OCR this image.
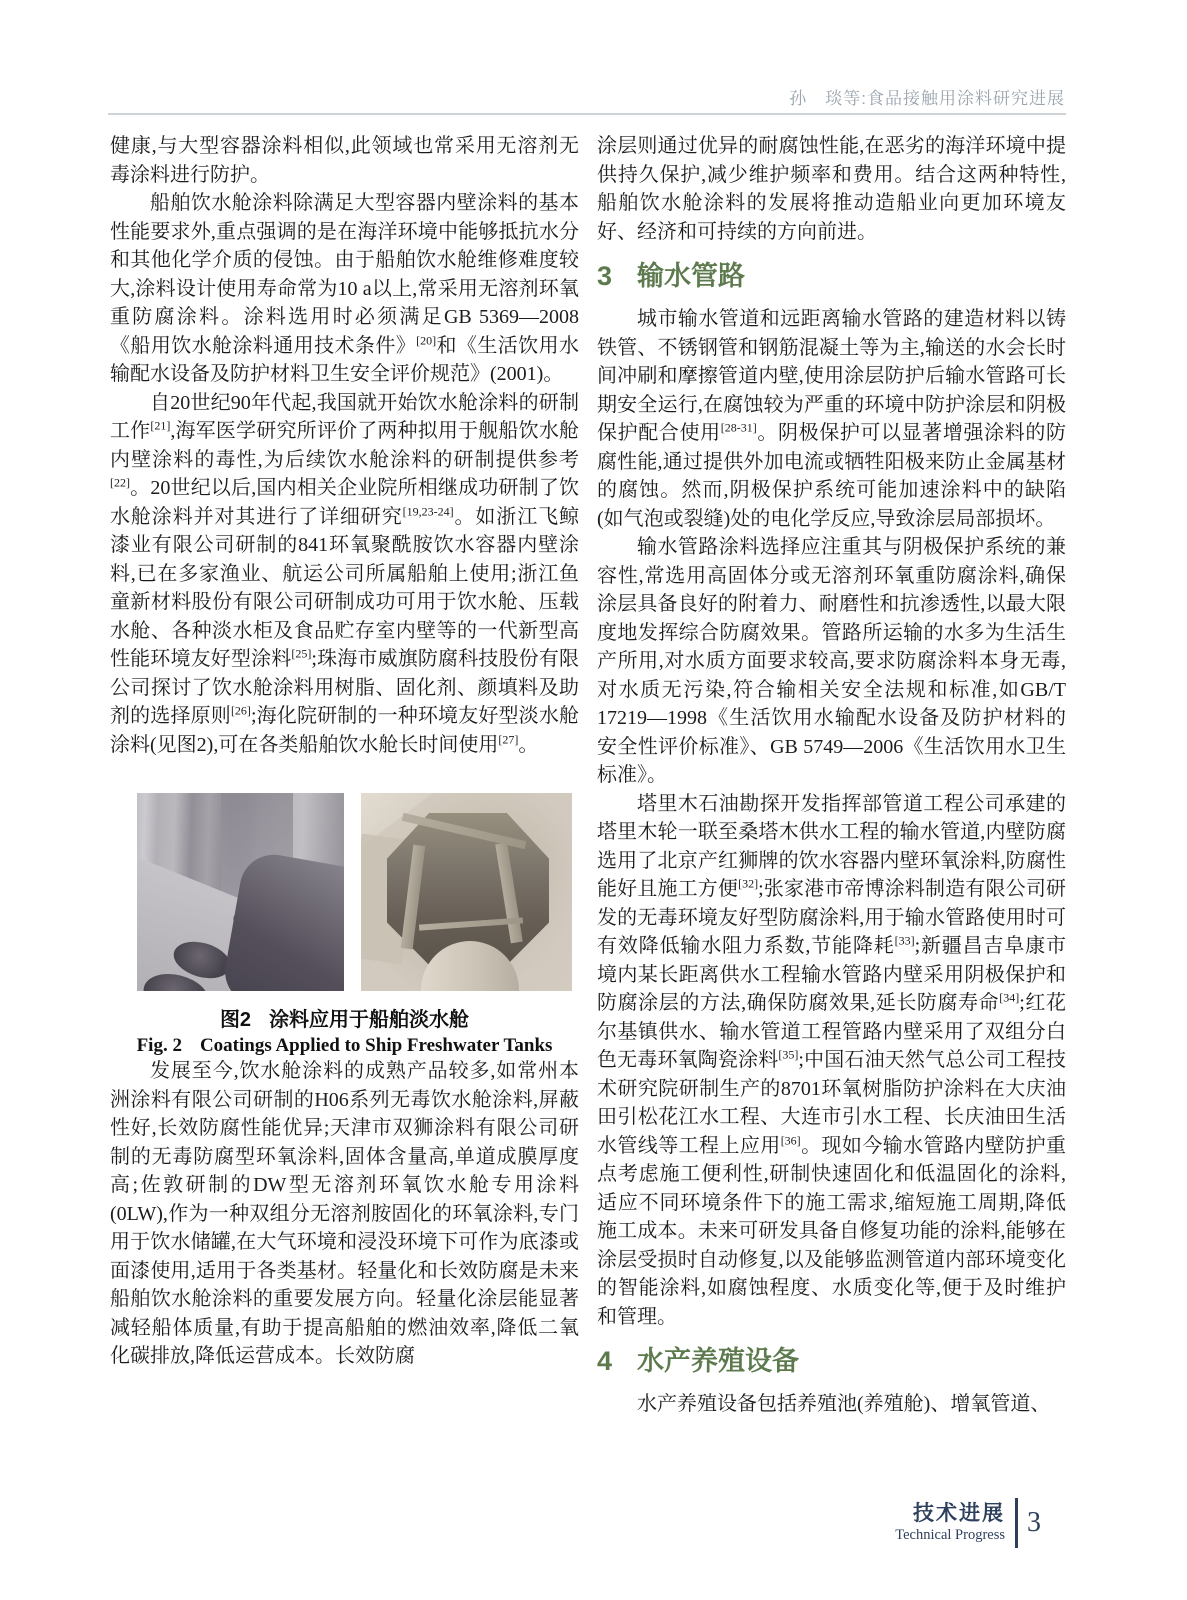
孙　琰等:食品接触用涂料研究进展

健康,与大型容器涂料相似,此领域也常采用无溶剂无毒涂料进行防护。

船舶饮水舱涂料除满足大型容器内壁涂料的基本性能要求外,重点强调的是在海洋环境中能够抵抗水分和其他化学介质的侵蚀。由于船舶饮水舱维修难度较大,涂料设计使用寿命常为10 a以上,常采用无溶剂环氧重防腐涂料。涂料选用时必须满足GB 5369—2008《船用饮水舱涂料通用技术条件》[20]和《生活饮用水输配水设备及防护材料卫生安全评价规范》(2001)。

自20世纪90年代起,我国就开始饮水舱涂料的研制工作[21],海军医学研究所评价了两种拟用于舰船饮水舱内壁涂料的毒性,为后续饮水舱涂料的研制提供参考[22]。20世纪以后,国内相关企业院所相继成功研制了饮水舱涂料并对其进行了详细研究[19,23-24]。如浙江飞鲸漆业有限公司研制的841环氧聚酰胺饮水容器内壁涂料,已在多家渔业、航运公司所属船舶上使用;浙江鱼童新材料股份有限公司研制成功可用于饮水舱、压载水舱、各种淡水柜及食品贮存室内壁等的一代新型高性能环境友好型涂料[25];珠海市威旗防腐科技股份有限公司探讨了饮水舱涂料用树脂、固化剂、颜填料及助剂的选择原则[26];海化院研制的一种环境友好型淡水舱涂料(见图2),可在各类船舶饮水舱长时间使用[27]。

图2 涂料应用于船舶淡水舱
Fig. 2 Coatings Applied to Ship Freshwater Tanks

发展至今,饮水舱涂料的成熟产品较多,如常州本洲涂料有限公司研制的H06系列无毒饮水舱涂料,屏蔽性好,长效防腐性能优异;天津市双狮涂料有限公司研制的无毒防腐型环氧涂料,固体含量高,单道成膜厚度高;佐敦研制的DW型无溶剂环氧饮水舱专用涂料(0LW),作为一种双组分无溶剂胺固化的环氧涂料,专门用于饮水储罐,在大气环境和浸没环境下可作为底漆或面漆使用,适用于各类基材。轻量化和长效防腐是未来船舶饮水舱涂料的重要发展方向。轻量化涂层能显著减轻船体质量,有助于提高船舶的燃油效率,降低二氧化碳排放,降低运营成本。长效防腐

涂层则通过优异的耐腐蚀性能,在恶劣的海洋环境中提供持久保护,减少维护频率和费用。结合这两种特性,船舶饮水舱涂料的发展将推动造船业向更加环境友好、经济和可持续的方向前进。

3 输水管路

城市输水管道和远距离输水管路的建造材料以铸铁管、不锈钢管和钢筋混凝土等为主,输送的水会长时间冲刷和摩擦管道内壁,使用涂层防护后输水管路可长期安全运行,在腐蚀较为严重的环境中防护涂层和阴极保护配合使用[28-31]。阴极保护可以显著增强涂料的防腐性能,通过提供外加电流或牺牲阳极来防止金属基材的腐蚀。然而,阴极保护系统可能加速涂料中的缺陷(如气泡或裂缝)处的电化学反应,导致涂层局部损坏。

输水管路涂料选择应注重其与阴极保护系统的兼容性,常选用高固体分或无溶剂环氧重防腐涂料,确保涂层具备良好的附着力、耐磨性和抗渗透性,以最大限度地发挥综合防腐效果。管路所运输的水多为生活生产所用,对水质方面要求较高,要求防腐涂料本身无毒,对水质无污染,符合输相关安全法规和标准,如GB/T 17219—1998《生活饮用水输配水设备及防护材料的安全性评价标准》、GB 5749—2006《生活饮用水卫生标准》。

塔里木石油勘探开发指挥部管道工程公司承建的塔里木轮一联至桑塔木供水工程的输水管道,内壁防腐选用了北京产红狮牌的饮水容器内壁环氧涂料,防腐性能好且施工方便[32];张家港市帝博涂料制造有限公司研发的无毒环境友好型防腐涂料,用于输水管路使用时可有效降低输水阻力系数,节能降耗[33];新疆昌吉阜康市境内某长距离供水工程输水管路内壁采用阴极保护和防腐涂层的方法,确保防腐效果,延长防腐寿命[34];红花尔基镇供水、输水管道工程管路内壁采用了双组分白色无毒环氧陶瓷涂料[35];中国石油天然气总公司工程技术研究院研制生产的8701环氧树脂防护涂料在大庆油田引松花江水工程、大连市引水工程、长庆油田生活水管线等工程上应用[36]。现如今输水管路内壁防护重点考虑施工便利性,研制快速固化和低温固化的涂料,适应不同环境条件下的施工需求,缩短施工周期,降低施工成本。未来可研发具备自修复功能的涂料,能够在涂层受损时自动修复,以及能够监测管道内部环境变化的智能涂料,如腐蚀程度、水质变化等,便于及时维护和管理。

4 水产养殖设备

水产养殖设备包括养殖池(养殖舱)、增氧管道、

技术进展
Technical Progress 3
